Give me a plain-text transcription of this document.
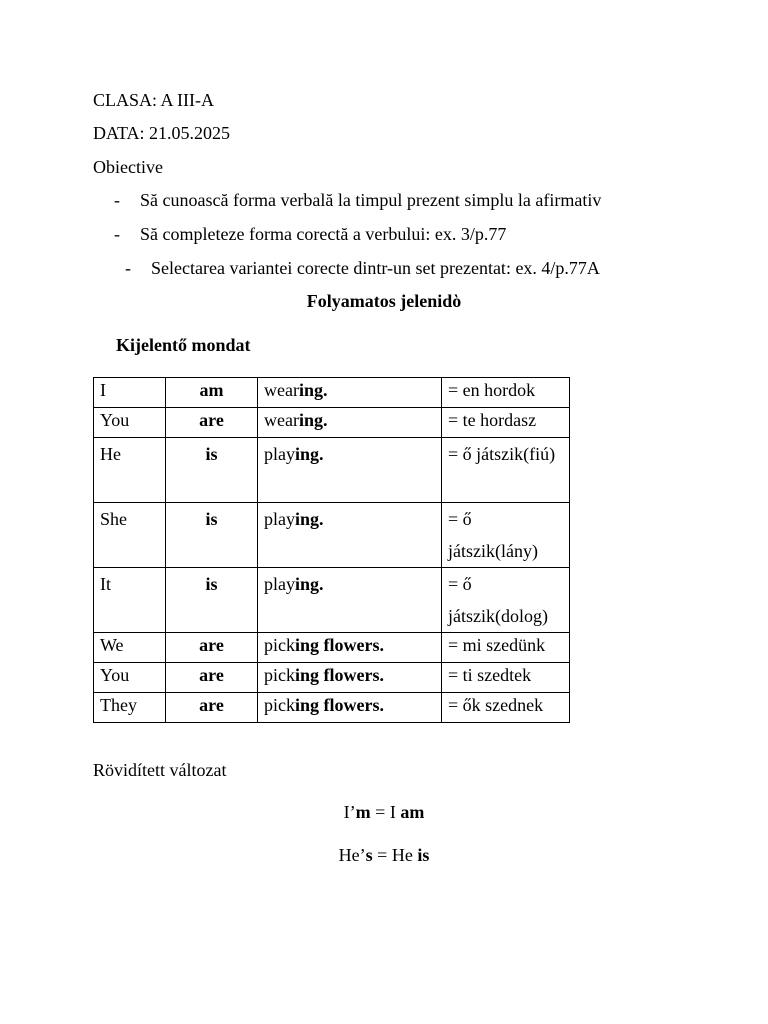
CLASA: A III-A
DATA: 21.05.2025
Obiective
- Să cunoască forma verbală la timpul prezent simplu la afirmativ
- Să completeze forma corectă a verbului: ex. 3/p.77
- Selectarea variantei corecte dintr-un set prezentat: ex. 4/p.77A
Folyamatos jelenidὸ
Kijelentő mondat
I	am	wearing.	= en hordok

You	are	wearing.	= te hordasz

He	is	playing.	= ő játszik(fiú)

She	is	playing.	= ő játszik(lány)

It	is	playing.	= ő játszik(dolog)

We	are	picking flowers.	= mi szedünk

You	are	picking flowers.	= ti szedtek

They	are	picking flowers.	= ők szednek
Rövidített változat
I’m = I am
He’s = He is
